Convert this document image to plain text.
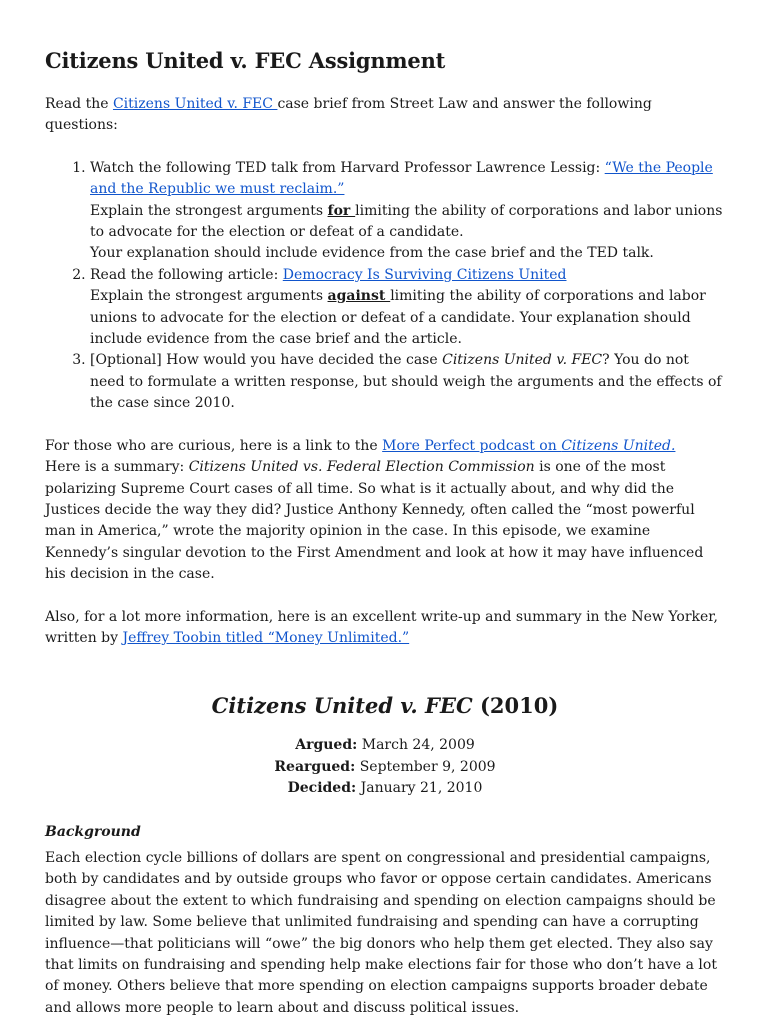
Citizens United v. FEC Assignment

Read the Citizens United v. FEC case brief from Street Law and answer the following questions:

1. Watch the following TED talk from Harvard Professor Lawrence Lessig: “We the People and the Republic we must reclaim.”
Explain the strongest arguments for limiting the ability of corporations and labor unions to advocate for the election or defeat of a candidate.
Your explanation should include evidence from the case brief and the TED talk.
2. Read the following article: Democracy Is Surviving Citizens United
Explain the strongest arguments against limiting the ability of corporations and labor unions to advocate for the election or defeat of a candidate. Your explanation should include evidence from the case brief and the article.
3. [Optional] How would you have decided the case Citizens United v. FEC? You do not need to formulate a written response, but should weigh the arguments and the effects of the case since 2010.

For those who are curious, here is a link to the More Perfect podcast on Citizens United.
Here is a summary: Citizens United vs. Federal Election Commission is one of the most polarizing Supreme Court cases of all time. So what is it actually about, and why did the Justices decide the way they did? Justice Anthony Kennedy, often called the “most powerful man in America,” wrote the majority opinion in the case. In this episode, we examine Kennedy’s singular devotion to the First Amendment and look at how it may have influenced his decision in the case.

Also, for a lot more information, here is an excellent write-up and summary in the New Yorker, written by Jeffrey Toobin titled “Money Unlimited.”

Citizens United v. FEC (2010)
Argued: March 24, 2009
Reargued: September 9, 2009
Decided: January 21, 2010

Background

Each election cycle billions of dollars are spent on congressional and presidential campaigns, both by candidates and by outside groups who favor or oppose certain candidates. Americans disagree about the extent to which fundraising and spending on election campaigns should be limited by law. Some believe that unlimited fundraising and spending can have a corrupting influence—that politicians will “owe” the big donors who help them get elected. They also say that limits on fundraising and spending help make elections fair for those who don’t have a lot of money. Others believe that more spending on election campaigns supports broader debate and allows more people to learn about and discuss political issues.
